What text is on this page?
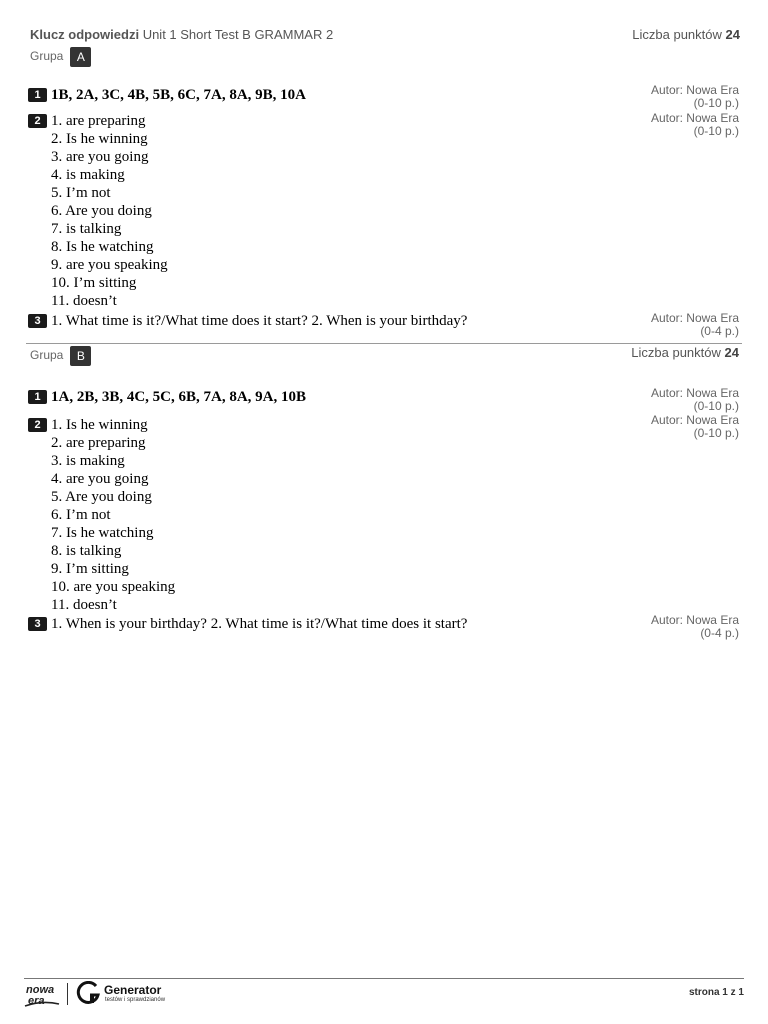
Klucz odpowiedzi Unit 1 Short Test B GRAMMAR 2	Liczba punktów 24
Grupa A
1 1B, 2A, 3C, 4B, 5B, 6C, 7A, 8A, 9B, 10A	Autor: Nowa Era
(0-10 p.)
2 1. are preparing
2. Is he winning
3. are you going
4. is making
5. I’m not
6. Are you doing
7. is talking
8. Is he watching
9. are you speaking
10. I’m sitting
11. doesn’t
Autor: Nowa Era
(0-10 p.)
3 1. What time is it?/What time does it start? 2. When is your birthday?	Autor: Nowa Era
(0-4 p.)
Grupa B	Liczba punktów 24
1 1A, 2B, 3B, 4C, 5C, 6B, 7A, 8A, 9A, 10B	Autor: Nowa Era
(0-10 p.)
2 1. Is he winning
2. are preparing
3. is making
4. are you going
5. Are you doing
6. I’m not
7. Is he watching
8. is talking
9. I’m sitting
10. are you speaking
11. doesn’t
Autor: Nowa Era
(0-10 p.)
3 1. When is your birthday? 2. What time is it?/What time does it start?	Autor: Nowa Era
(0-4 p.)
nowa
era
Generator
testów i sprawdzianów
strona 1 z 1
